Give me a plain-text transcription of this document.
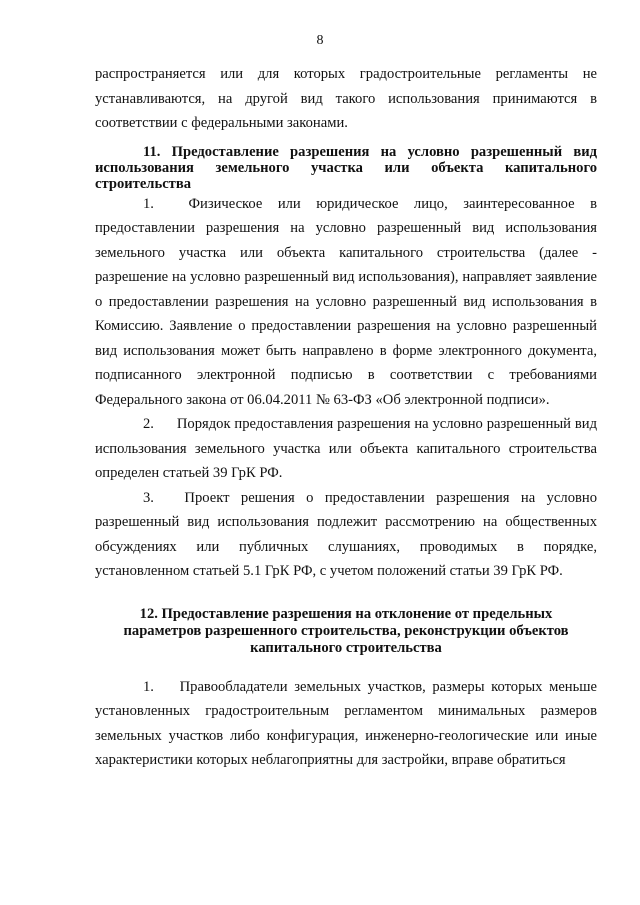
8

распространяется или для которых градостроительные регламенты не устанавливаются, на другой вид такого использования принимаются в соответствии с федеральными законами.

11. Предоставление разрешения на условно разрешенный вид использования земельного участка или объекта капитального строительства

1. Физическое или юридическое лицо, заинтересованное в предоставлении разрешения на условно разрешенный вид использования земельного участка или объекта капитального строительства (далее - разрешение на условно разрешенный вид использования), направляет заявление о предоставлении разрешения на условно разрешенный вид использования в Комиссию. Заявление о предоставлении разрешения на условно разрешенный вид использования может быть направлено в форме электронного документа, подписанного электронной подписью в соответствии с требованиями Федерального закона от 06.04.2011 № 63-ФЗ «Об электронной подписи».

2. Порядок предоставления разрешения на условно разрешенный вид использования земельного участка или объекта капитального строительства определен статьей 39 ГрК РФ.

3. Проект решения о предоставлении разрешения на условно разрешенный вид использования подлежит рассмотрению на общественных обсуждениях или публичных слушаниях, проводимых в порядке, установленном статьей 5.1 ГрК РФ, с учетом положений статьи 39 ГрК РФ.

12. Предоставление разрешения на отклонение от предельных
параметров разрешенного строительства, реконструкции объектов
капитального строительства

1. Правообладатели земельных участков, размеры которых меньше установленных градостроительным регламентом минимальных размеров земельных участков либо конфигурация, инженерно-геологические или иные характеристики которых неблагоприятны для застройки, вправе обратиться
